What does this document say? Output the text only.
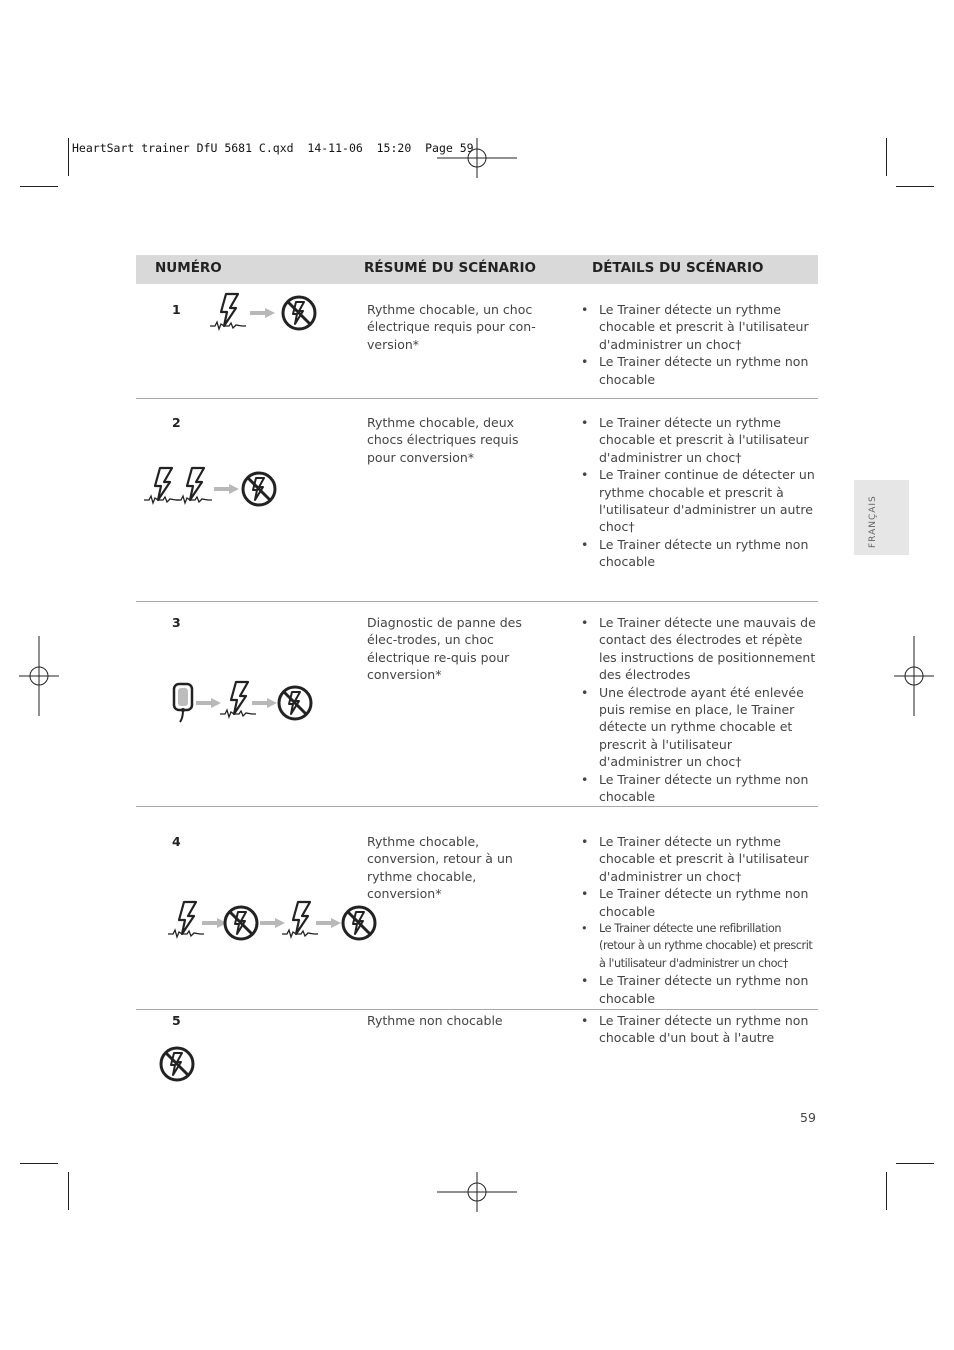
HeartSart trainer DfU 5681 C.qxd  14-11-06  15:20  Page 59
NUMÉRO	RÉSUMÉ DU SCÉNARIO	DÉTAILS DU SCÉNARIO
1	Rythme chocable, un choc électrique requis pour con-version*
• Le Trainer détecte un rythme chocable et prescrit à l'utilisateur d'administrer un choc†
• Le Trainer détecte un rythme non chocable
2	Rythme chocable, deux chocs électriques requis pour conversion*
• Le Trainer détecte un rythme chocable et prescrit à l'utilisateur d'administrer un choc†
• Le Trainer continue de détecter un rythme chocable et prescrit à l'utilisateur d'administrer un autre choc†
• Le Trainer détecte un rythme non chocable
3	Diagnostic de panne des élec-trodes, un choc électrique re-quis pour conversion*
• Le Trainer détecte une mauvais de contact des électrodes et répète les instructions de positionnement des électrodes
• Une électrode ayant été enlevée puis remise en place, le Trainer détecte un rythme chocable et prescrit à l'utilisateur d'administrer un choc†
• Le Trainer détecte un rythme non chocable
4	Rythme chocable, conversion, retour à un rythme chocable, conversion*
• Le Trainer détecte un rythme chocable et prescrit à l'utilisateur d'administrer un choc†
• Le Trainer détecte un rythme non chocable
• Le Trainer détecte une refibrillation (retour à un rythme chocable) et prescrit à l'utilisateur d'administrer un choc†
• Le Trainer détecte un rythme non chocable
5	Rythme non chocable
•	Le Trainer détecte un rythme non chocable d'un bout à l'autre
FRANÇAIS
59
